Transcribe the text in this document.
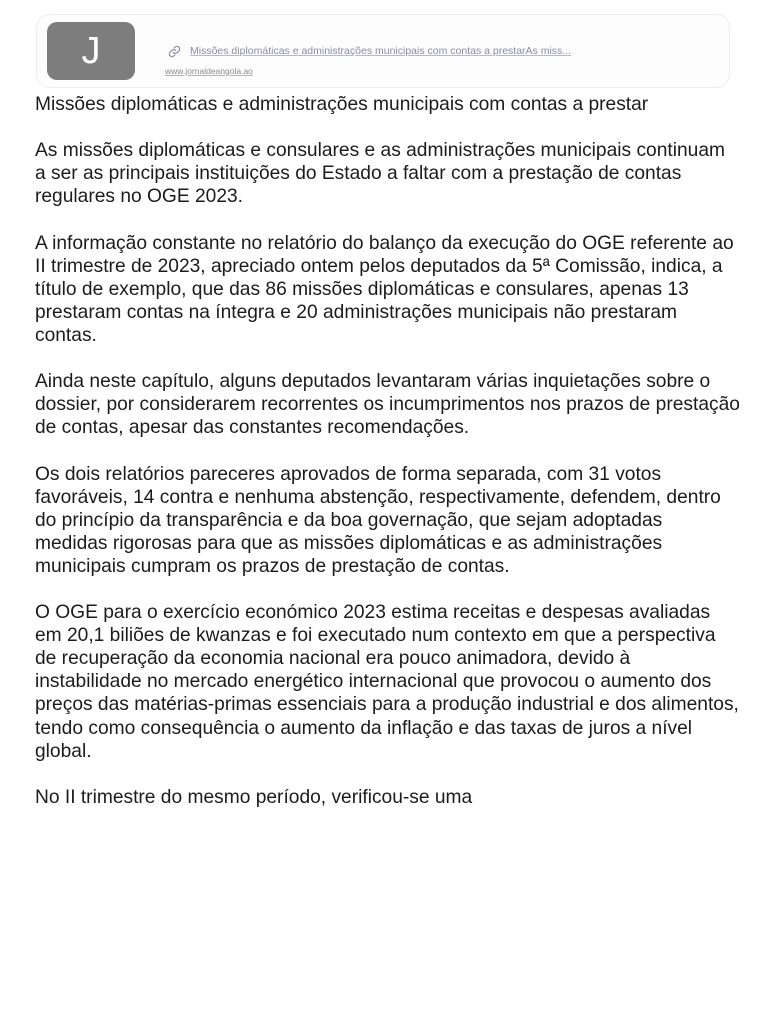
J	Missões diplomáticas e administrações municipais com contas a prestarAs miss...
www.jornaldeangola.ao

Missões diplomáticas e administrações municipais com contas a prestar

As missões diplomáticas e consulares e as administrações municipais continuam a ser as principais instituições do Estado a faltar com a prestação de contas regulares no OGE 2023.

A informação constante no relatório do balanço da execução do OGE referente ao II trimestre de 2023, apreciado ontem pelos deputados da 5ª Comissão, indica, a título de exemplo, que das 86 missões diplomáticas e consulares, apenas 13 prestaram contas na íntegra e 20 administrações municipais não prestaram contas.

Ainda neste capítulo, alguns deputados levantaram várias inquietações sobre o dossier, por considerarem recorrentes os incumprimentos nos prazos de prestação de contas, apesar das constantes recomendações.

Os dois relatórios pareceres aprovados de forma separada, com 31 votos favoráveis, 14 contra e nenhuma abstenção, respectivamente, defendem, dentro do princípio da transparência e da boa governação, que sejam adoptadas medidas rigorosas para que as missões diplomáticas e as administrações municipais cumpram os prazos de prestação de contas.

O OGE para o exercício económico 2023 estima receitas e despesas avaliadas em 20,1 biliões de kwanzas e foi executado num contexto em que a perspectiva de recuperação da economia nacional era pouco animadora, devido à instabilidade no mercado energético internacional que provocou o aumento dos preços das matérias-primas essenciais para a produção industrial e dos alimentos, tendo como consequência o aumento da inflação e das taxas de juros a nível global.

No II trimestre do mesmo período, verificou-se uma
